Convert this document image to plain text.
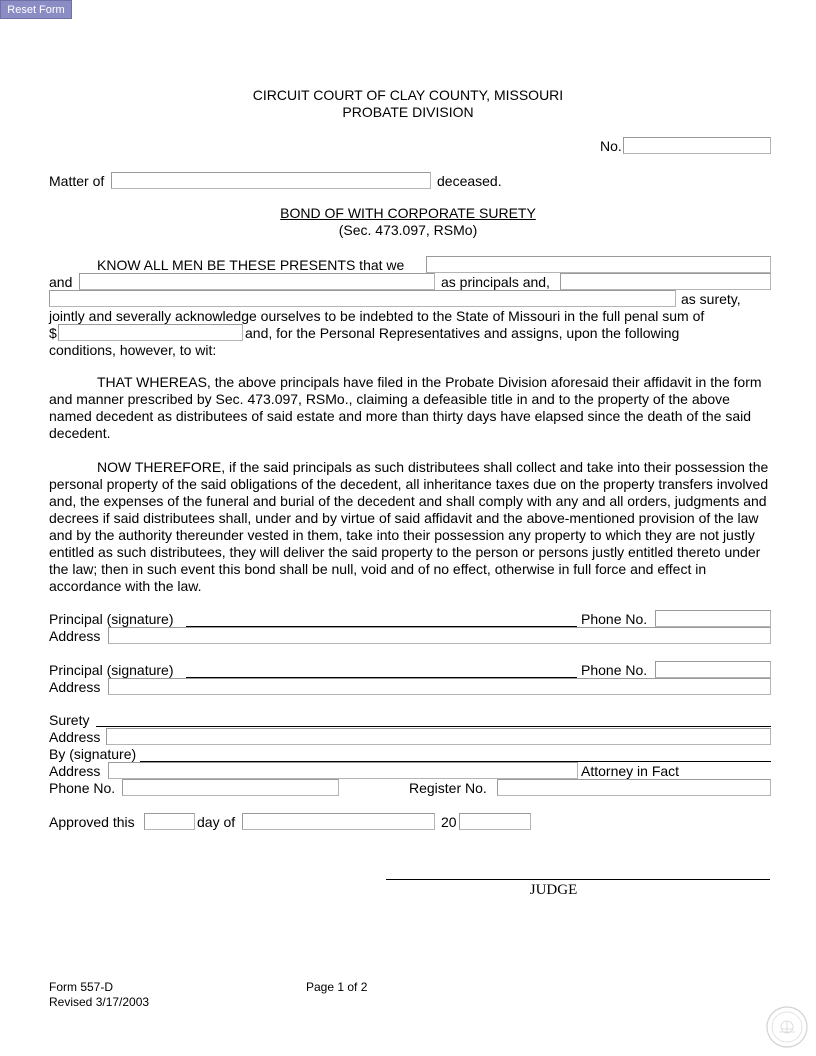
Reset Form
CIRCUIT COURT OF CLAY COUNTY, MISSOURI
PROBATE DIVISION
No.
Matter of	deceased.
BOND OF WITH CORPORATE SURETY
(Sec. 473.097, RSMo)
KNOW ALL MEN BE THESE PRESENTS that we
and	as principals and,
as surety,
jointly and severally acknowledge ourselves to be indebted to the State of Missouri in the full penal sum of
$	and, for the Personal Representatives and assigns, upon the following
conditions, however, to wit:
THAT WHEREAS, the above principals have filed in the Probate Division aforesaid their affidavit in the form and manner prescribed by Sec. 473.097, RSMo., claiming a defeasible title in and to the property of the above named decedent as distributees of said estate and more than thirty days have elapsed since the death of the said decedent.
NOW THEREFORE, if the said principals as such distributees shall collect and take into their possession the personal property of the said obligations of the decedent, all inheritance taxes due on the property transfers involved and, the expenses of the funeral and burial of the decedent and shall comply with any and all orders, judgments and decrees if said distributees shall, under and by virtue of said affidavit and the above-mentioned provision of the law and by the authority thereunder vested in them, take into their possession any property to which they are not justly entitled as such distributees, they will deliver the said property to the person or persons justly entitled thereto under the law; then in such event this bond shall be null, void and of no effect, otherwise in full force and effect in accordance with the law.
Principal (signature)	Phone No.
Address
Principal (signature)	Phone No.
Address
Surety
Address
By (signature)
Address	Attorney in Fact
Phone No.	Register No.
Approved this	day of	20
JUDGE
Form 557-D
Revised 3/17/2003
Page 1 of 2
